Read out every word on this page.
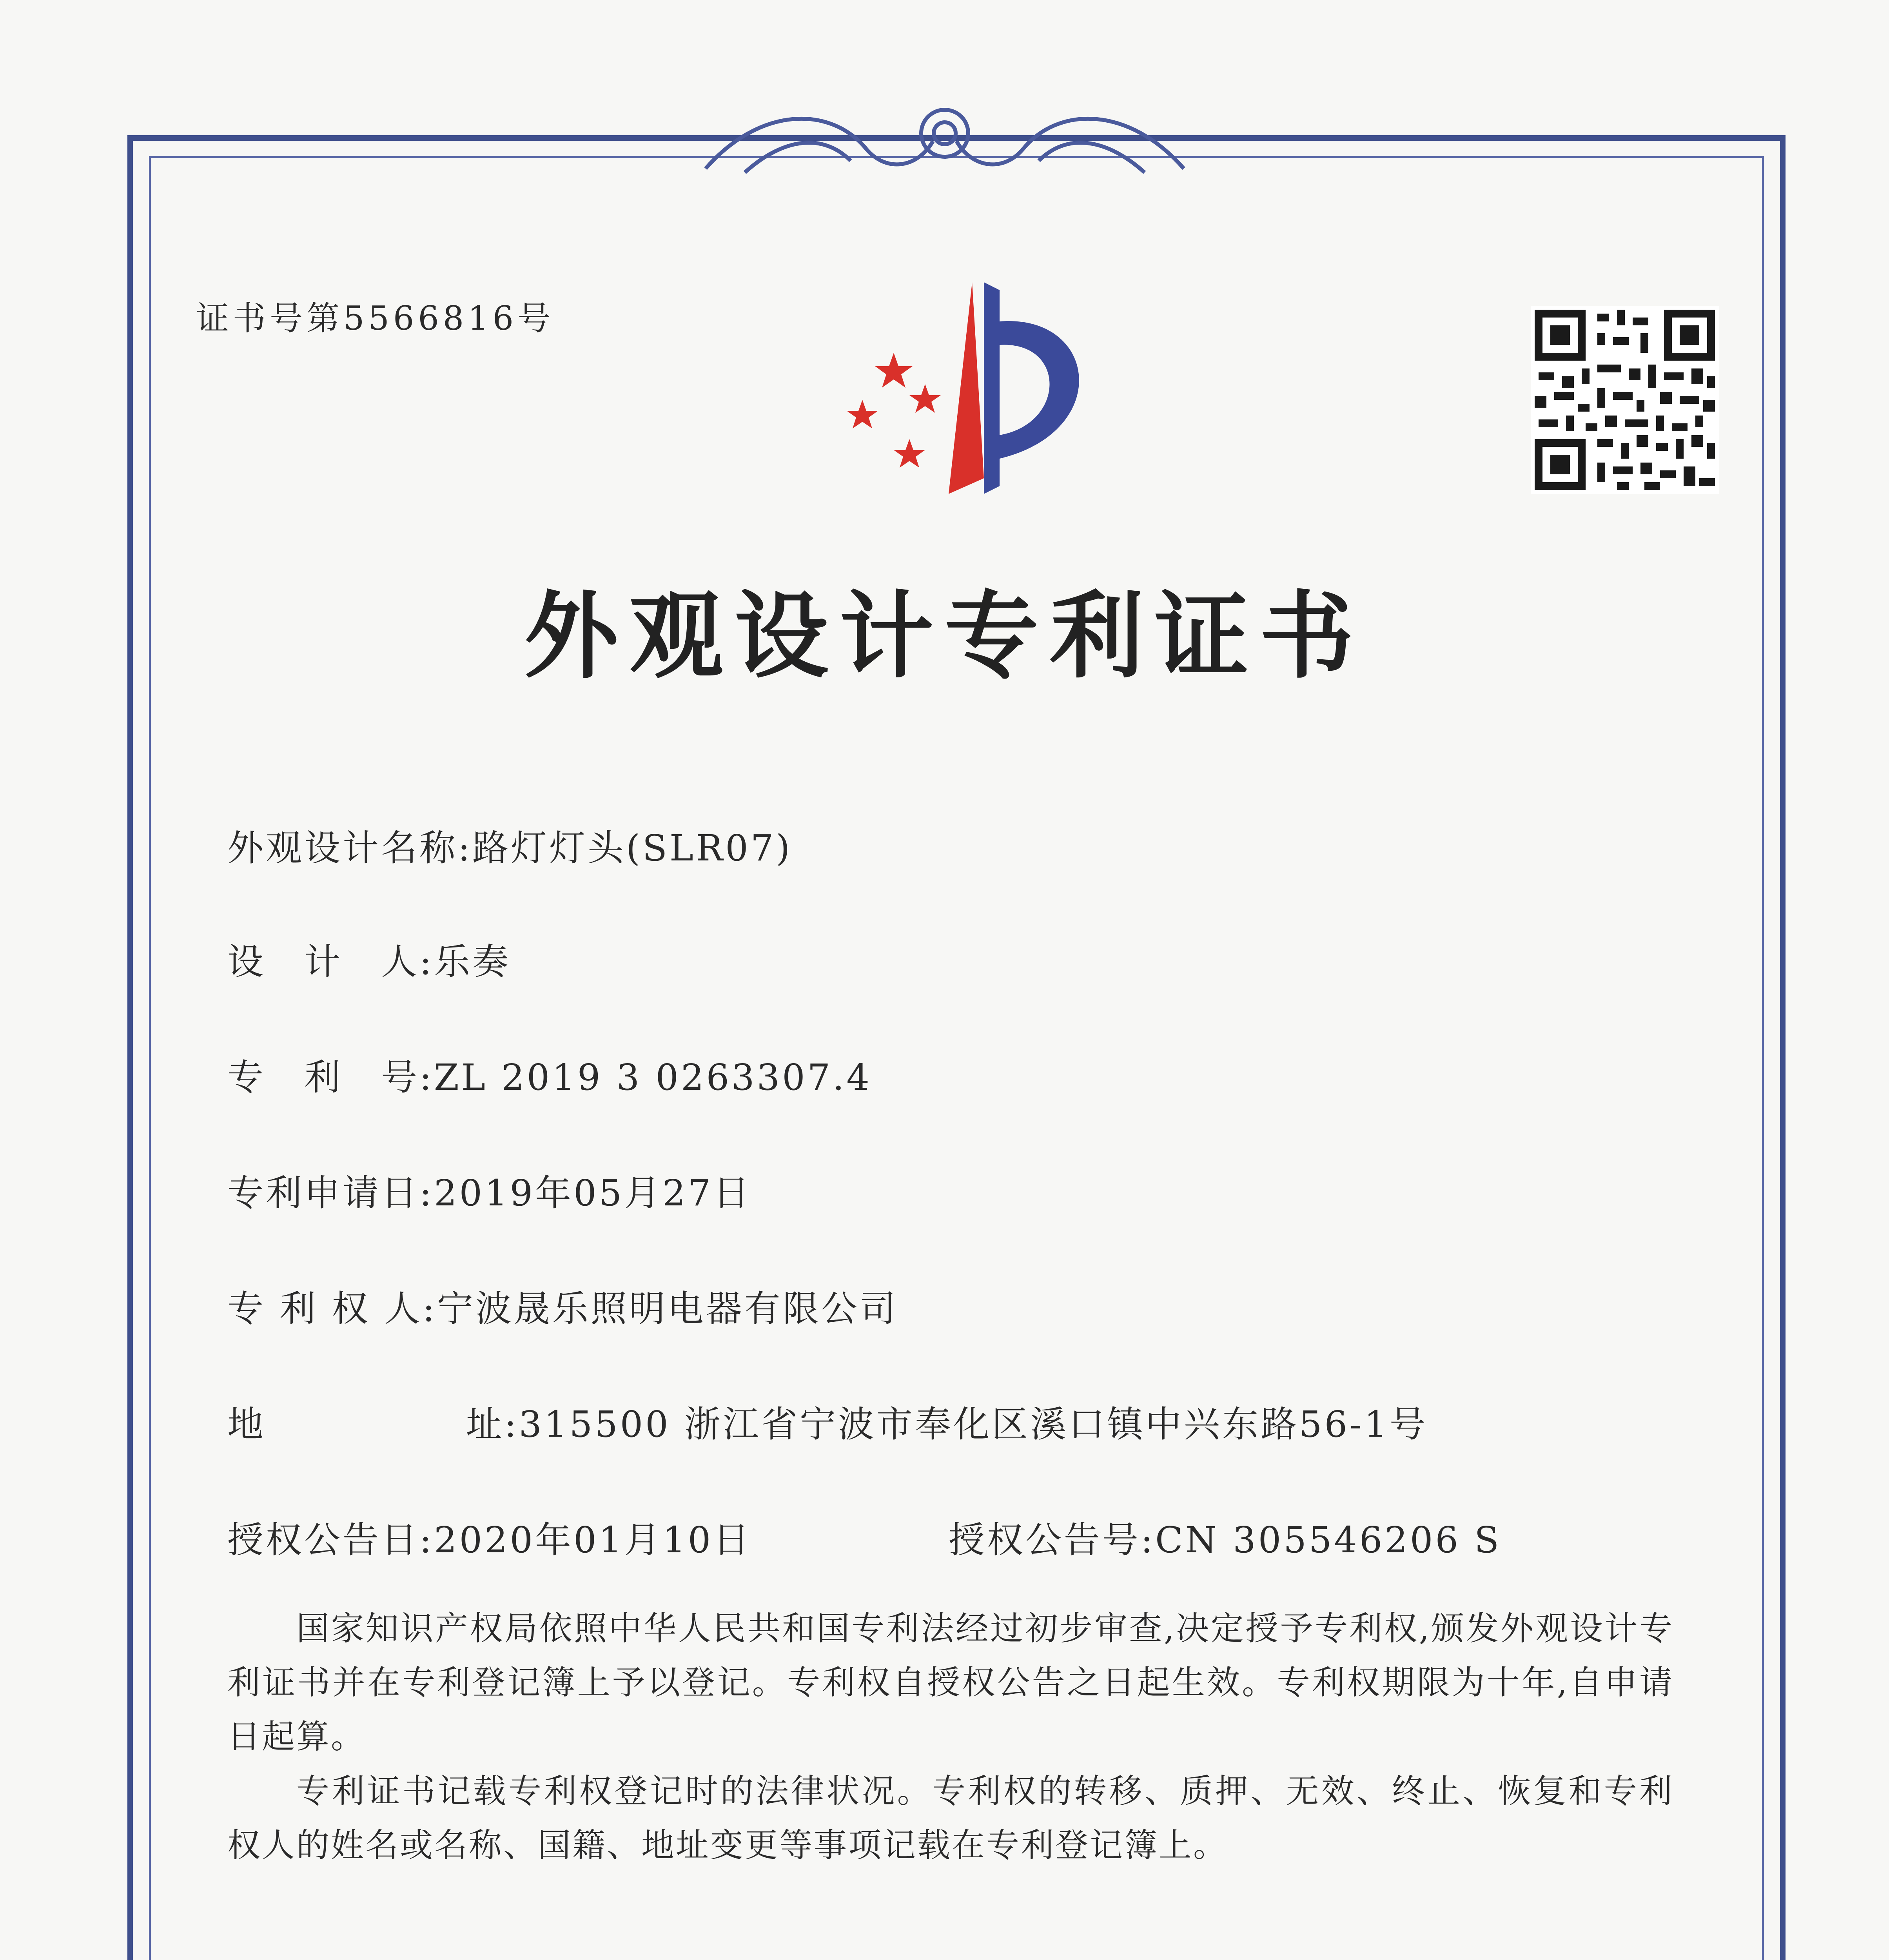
证书号第5566816号
外观设计专利证书
外观设计名称:路灯灯头(SLR07)
设　计　人:乐奏
专　利　号:ZL 2019 3 0263307.4
专利申请日:2019年05月27日
专 利 权 人:宁波晟乐照明电器有限公司
地	址:315500 浙江省宁波市奉化区溪口镇中兴东路56-1号
授权公告日:2020年01月10日	授权公告号:CN 305546206 S
国家知识产权局依照中华人民共和国专利法经过初步审查,决定授予专利权,颁发外观设计专利证书并在专利登记簿上予以登记。专利权自授权公告之日起生效。专利权期限为十年,自申请日起算。
专利证书记载专利权登记时的法律状况。专利权的转移、质押、无效、终止、恢复和专利权人的姓名或名称、国籍、地址变更等事项记载在专利登记簿上。
